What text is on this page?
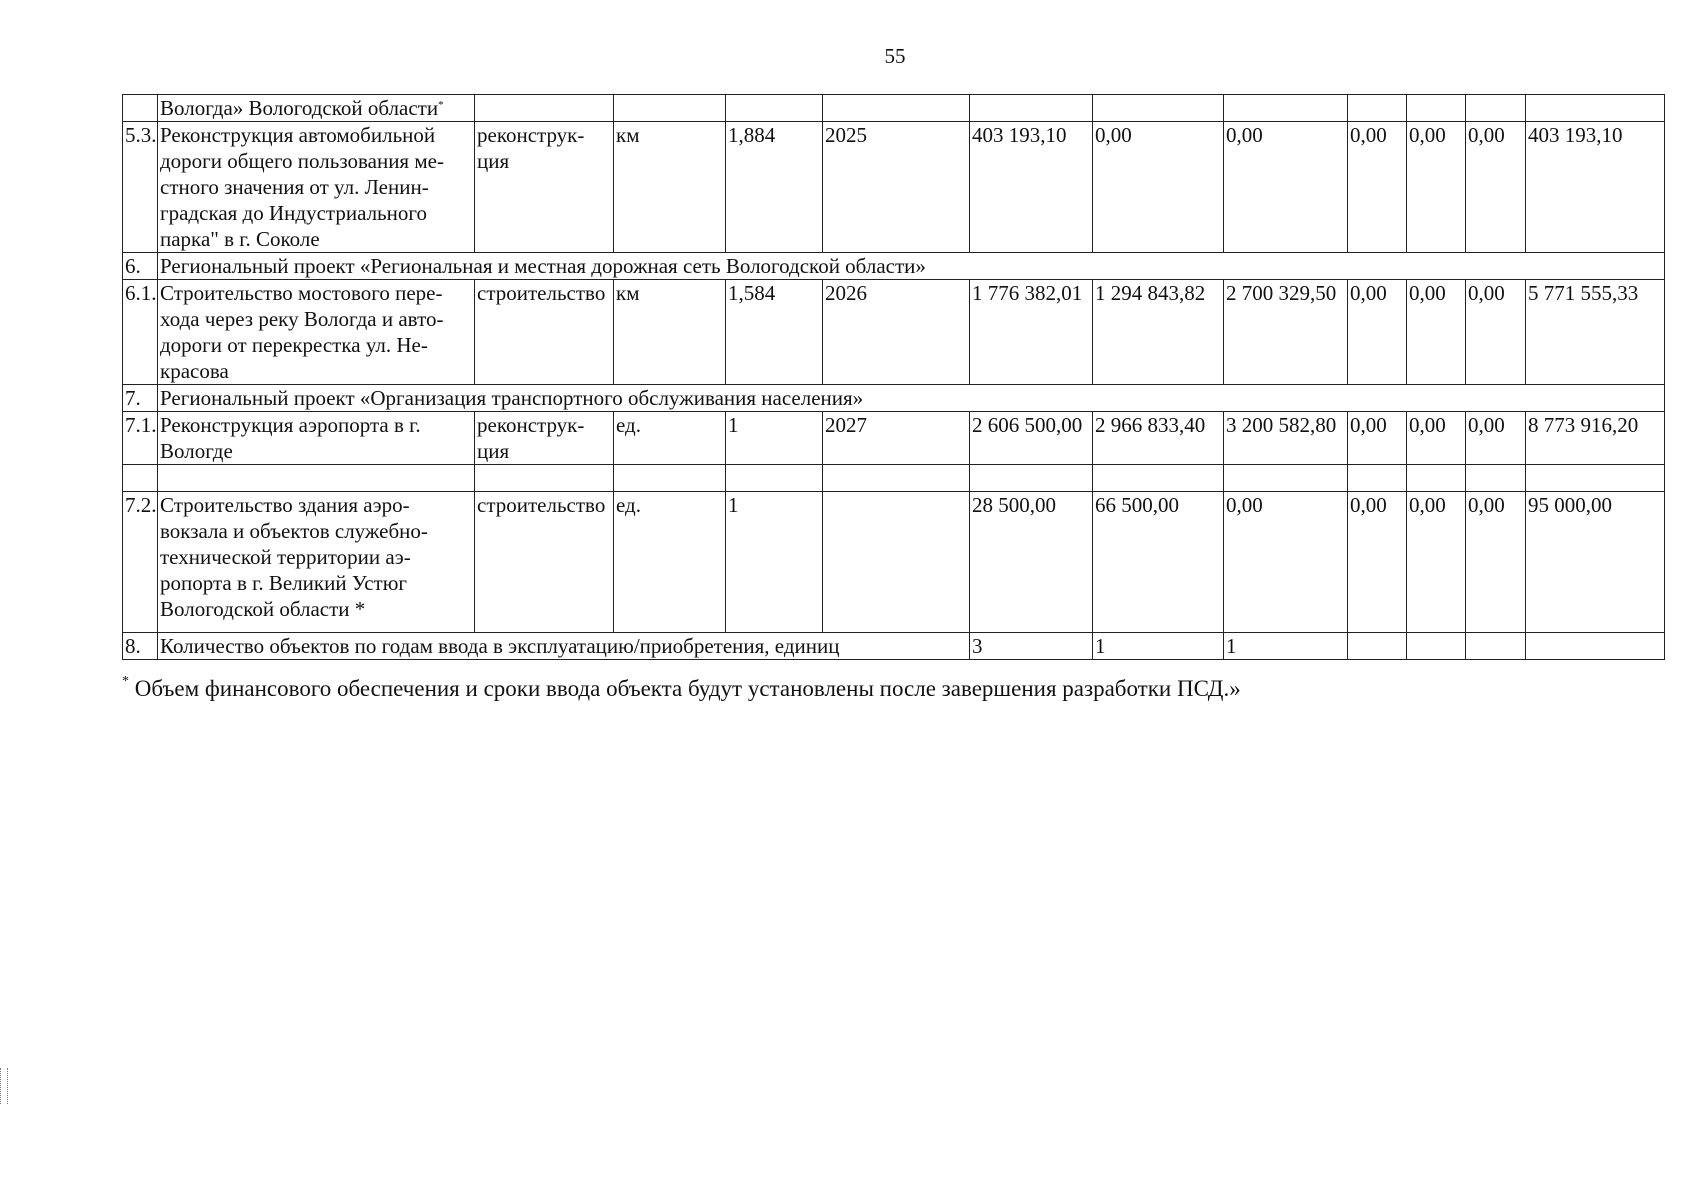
55
	Вологда» Вологодской области*											
5.3.	Реконструкция автомобильной дороги общего пользования ме-стного значения от ул. Ленин-градская до Индустриального парка" в г. Соколе	реконструк-ция	км	1,884	2025	403 193,10	0,00	0,00	0,00	0,00	0,00	403 193,10
6.	Региональный проект «Региональная и местная дорожная сеть Вологодской области»											
6.1.	Строительство мостового пере-хода через реку Вологда и авто-дороги от перекрестка ул. Не-красова	строительство	км	1,584	2026	1 776 382,01	1 294 843,82	2 700 329,50	0,00	0,00	0,00	5 771 555,33
7.	Региональный проект «Организация транспортного обслуживания населения»											
7.1.	Реконструкция аэропорта в г. Вологде	реконструк-ция	ед.	1	2027	2 606 500,00	2 966 833,40	3 200 582,80	0,00	0,00	0,00	8 773 916,20

7.2.	Строительство здания аэро-вокзала и объектов служебно-технической территории аэ-ропорта в г. Великий Устюг Вологодской области *	строительство	ед.	1		28 500,00	66 500,00	0,00	0,00	0,00	0,00	95 000,00
8.	Количество объектов по годам ввода в эксплуатацию/приобретения, единиц					3	1	1				
* Объем финансового обеспечения и сроки ввода объекта будут установлены после завершения разработки ПСД.»
